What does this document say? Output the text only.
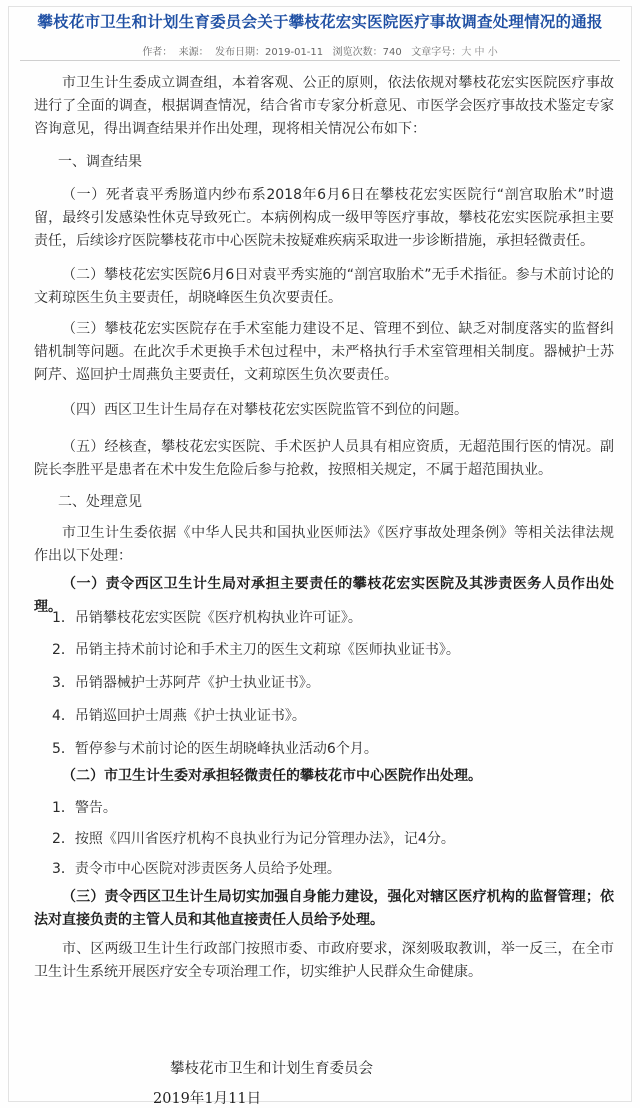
攀枝花市卫生和计划生育委员会关于攀枝花宏实医院医疗事故调查处理情况的通报
作者：  来源：  发布日期：2019-01-11   浏览次数：740   文章字号：大 中 小
市卫生计生委成立调查组，本着客观、公正的原则，依法依规对攀枝花宏实医院医疗事故进行了全面的调查，根据调查情况，结合省市专家分析意见、市医学会医疗事故技术鉴定专家咨询意见，得出调查结果并作出处理，现将相关情况公布如下：
一、调查结果
（一）死者袁平秀肠道内纱布系2018年6月6日在攀枝花宏实医院行“剖宫取胎术”时遗留，最终引发感染性休克导致死亡。本病例构成一级甲等医疗事故，攀枝花宏实医院承担主要责任，后续诊疗医院攀枝花市中心医院未按疑难疾病采取进一步诊断措施，承担轻微责任。
（二）攀枝花宏实医院6月6日对袁平秀实施的“剖宫取胎术”无手术指征。参与术前讨论的文莉琼医生负主要责任，胡晓峰医生负次要责任。
（三）攀枝花宏实医院存在手术室能力建设不足、管理不到位、缺乏对制度落实的监督纠错机制等问题。在此次手术更换手术包过程中，未严格执行手术室管理相关制度。器械护士苏阿芹、巡回护士周燕负主要责任，文莉琼医生负次要责任。
（四）西区卫生计生局存在对攀枝花宏实医院监管不到位的问题。
（五）经核查，攀枝花宏实医院、手术医护人员具有相应资质，无超范围行医的情况。副院长李胜平是患者在术中发生危险后参与抢救，按照相关规定，不属于超范围执业。
二、处理意见
市卫生计生委依据《中华人民共和国执业医师法》《医疗事故处理条例》等相关法律法规作出以下处理：
（一）责令西区卫生计生局对承担主要责任的攀枝花宏实医院及其涉责医务人员作出处理。
1．吊销攀枝花宏实医院《医疗机构执业许可证》。
2．吊销主持术前讨论和手术主刀的医生文莉琼《医师执业证书》。
3．吊销器械护士苏阿芹《护士执业证书》。
4．吊销巡回护士周燕《护士执业证书》。
5．暂停参与术前讨论的医生胡晓峰执业活动6个月。
（二）市卫生计生委对承担轻微责任的攀枝花市中心医院作出处理。
1．警告。
2．按照《四川省医疗机构不良执业行为记分管理办法》，记4分。
3．责令市中心医院对涉责医务人员给予处理。
（三）责令西区卫生计生局切实加强自身能力建设，强化对辖区医疗机构的监督管理；依法对直接负责的主管人员和其他直接责任人员给予处理。
市、区两级卫生计生行政部门按照市委、市政府要求，深刻吸取教训，举一反三，在全市卫生计生系统开展医疗安全专项治理工作，切实维护人民群众生命健康。
攀枝花市卫生和计划生育委员会
2019年1月11日
